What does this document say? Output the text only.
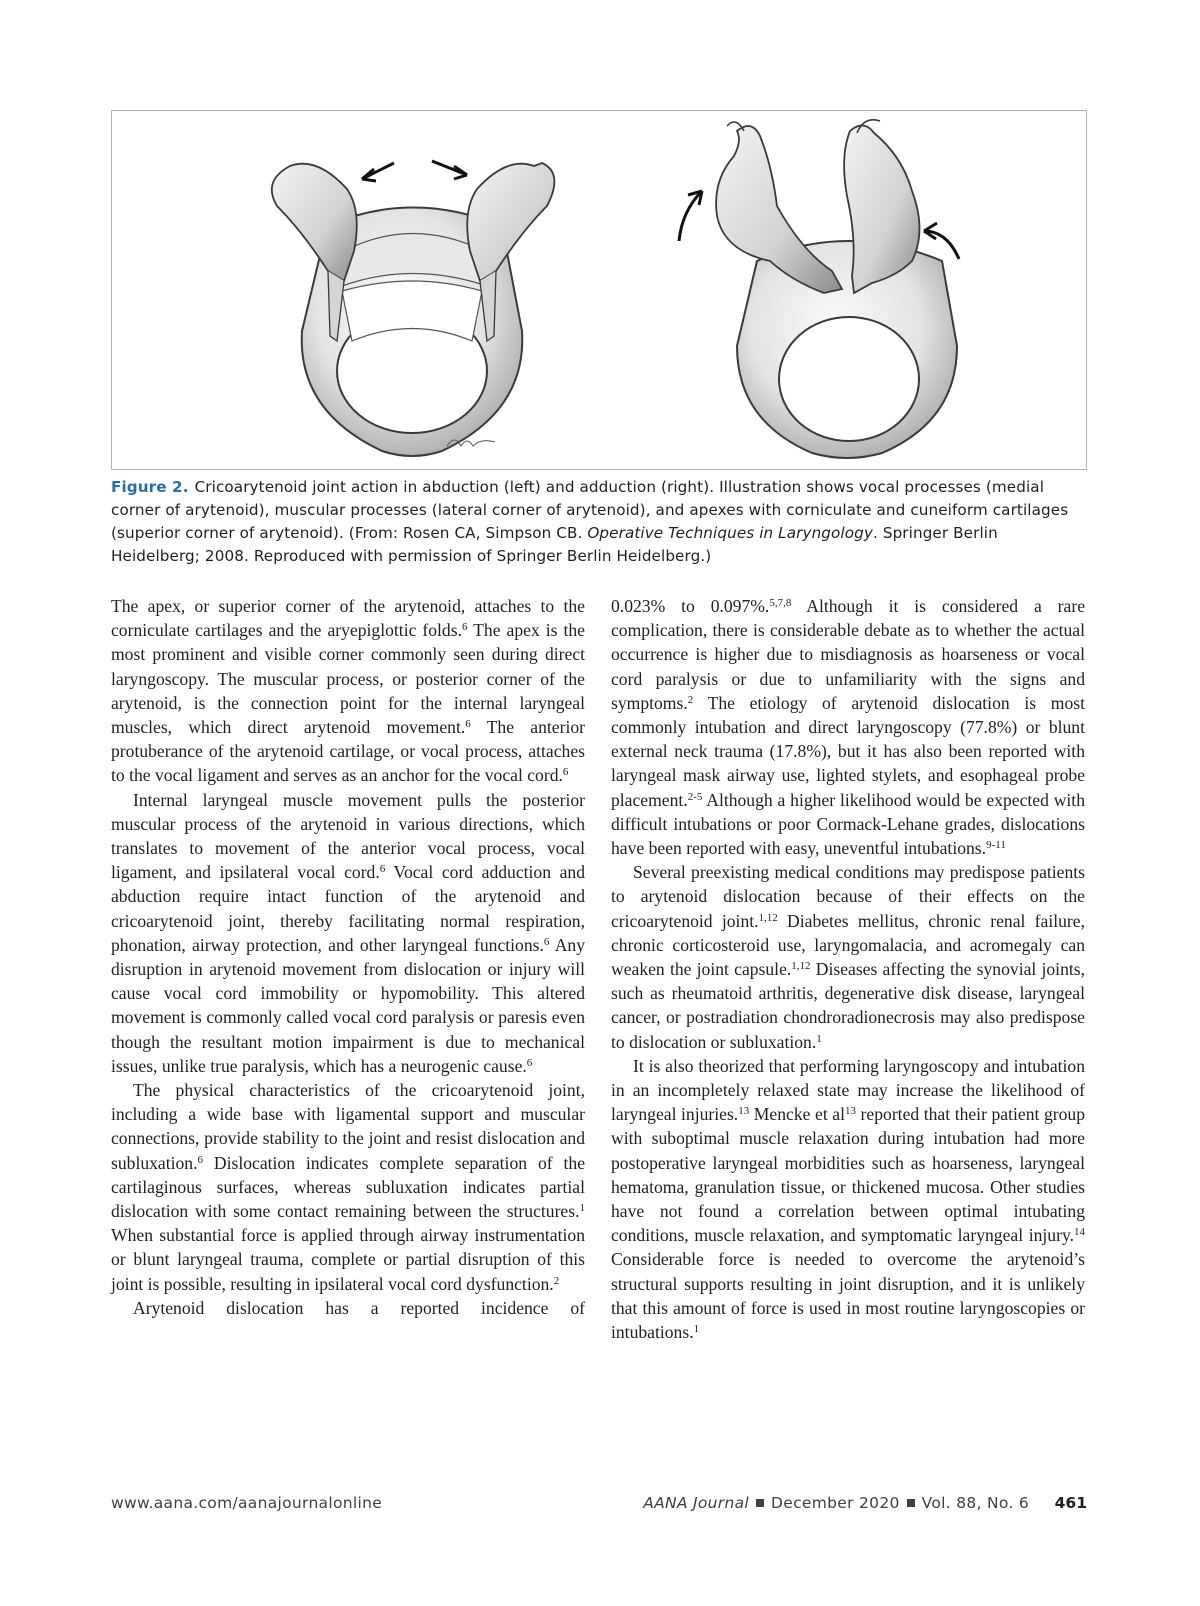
Figure 2. Cricoarytenoid joint action in abduction (left) and adduction (right). Illustration shows vocal processes (medial corner of arytenoid), muscular processes (lateral corner of arytenoid), and apexes with corniculate and cuneiform cartilages (superior corner of arytenoid). (From: Rosen CA, Simpson CB. Operative Techniques in Laryngology. Springer Berlin Heidelberg; 2008. Reproduced with permission of Springer Berlin Heidelberg.)

The apex, or superior corner of the arytenoid, attaches to the corniculate cartilages and the aryepiglottic folds.$^6$ The apex is the most prominent and visible corner commonly seen during direct laryngoscopy. The muscular process, or posterior corner of the arytenoid, is the connection point for the internal laryngeal muscles, which direct arytenoid movement.$^6$ The anterior protuberance of the arytenoid cartilage, or vocal process, attaches to the vocal ligament and serves as an anchor for the vocal cord.$^6$

Internal laryngeal muscle movement pulls the posterior muscular process of the arytenoid in various directions, which translates to movement of the anterior vocal process, vocal ligament, and ipsilateral vocal cord.$^6$ Vocal cord adduction and abduction require intact function of the arytenoid and cricoarytenoid joint, thereby facilitating normal respiration, phonation, airway protection, and other laryngeal functions.$^6$ Any disruption in arytenoid movement from dislocation or injury will cause vocal cord immobility or hypomobility. This altered movement is commonly called vocal cord paralysis or paresis even though the resultant motion impairment is due to mechanical issues, unlike true paralysis, which has a neurogenic cause.$^6$

The physical characteristics of the cricoarytenoid joint, including a wide base with ligamental support and muscular connections, provide stability to the joint and resist dislocation and subluxation.$^6$ Dislocation indicates complete separation of the cartilaginous surfaces, whereas subluxation indicates partial dislocation with some contact remaining between the structures.$^1$ When substantial force is applied through airway instrumentation or blunt laryngeal trauma, complete or partial disruption of this joint is possible, resulting in ipsilateral vocal cord dysfunction.$^2$

Arytenoid dislocation has a reported incidence of

0.023% to 0.097%.$^{5,7,8}$ Although it is considered a rare complication, there is considerable debate as to whether the actual occurrence is higher due to misdiagnosis as hoarseness or vocal cord paralysis or due to unfamiliarity with the signs and symptoms.$^2$ The etiology of arytenoid dislocation is most commonly intubation and direct laryngoscopy (77.8%) or blunt external neck trauma (17.8%), but it has also been reported with laryngeal mask airway use, lighted stylets, and esophageal probe placement.$^{2-5}$ Although a higher likelihood would be expected with difficult intubations or poor Cormack-Lehane grades, dislocations have been reported with easy, uneventful intubations.$^{9-11}$

Several preexisting medical conditions may predispose patients to arytenoid dislocation because of their effects on the cricoarytenoid joint.$^{1,12}$ Diabetes mellitus, chronic renal failure, chronic corticosteroid use, laryngomalacia, and acromegaly can weaken the joint capsule.$^{1,12}$ Diseases affecting the synovial joints, such as rheumatoid arthritis, degenerative disk disease, laryngeal cancer, or postradiation chondroradionecrosis may also predispose to dislocation or subluxation.$^1$

It is also theorized that performing laryngoscopy and intubation in an incompletely relaxed state may increase the likelihood of laryngeal injuries.$^{13}$ Mencke et $al^{13}$ reported that their patient group with suboptimal muscle relaxation during intubation had more postoperative laryngeal morbidities such as hoarseness, laryngeal hematoma, granulation tissue, or thickened mucosa. Other studies have not found a correlation between optimal intubating conditions, muscle relaxation, and symptomatic laryngeal injury.$^{14}$ Considerable force is needed to overcome the arytenoid’s structural supports resulting in joint disruption, and it is unlikely that this amount of force is used in most routine laryngoscopies or intubations.$^1$

www.aana.com/aanajournalonline	AANA Journal December 2020 Vol. 88, No. 6 461
